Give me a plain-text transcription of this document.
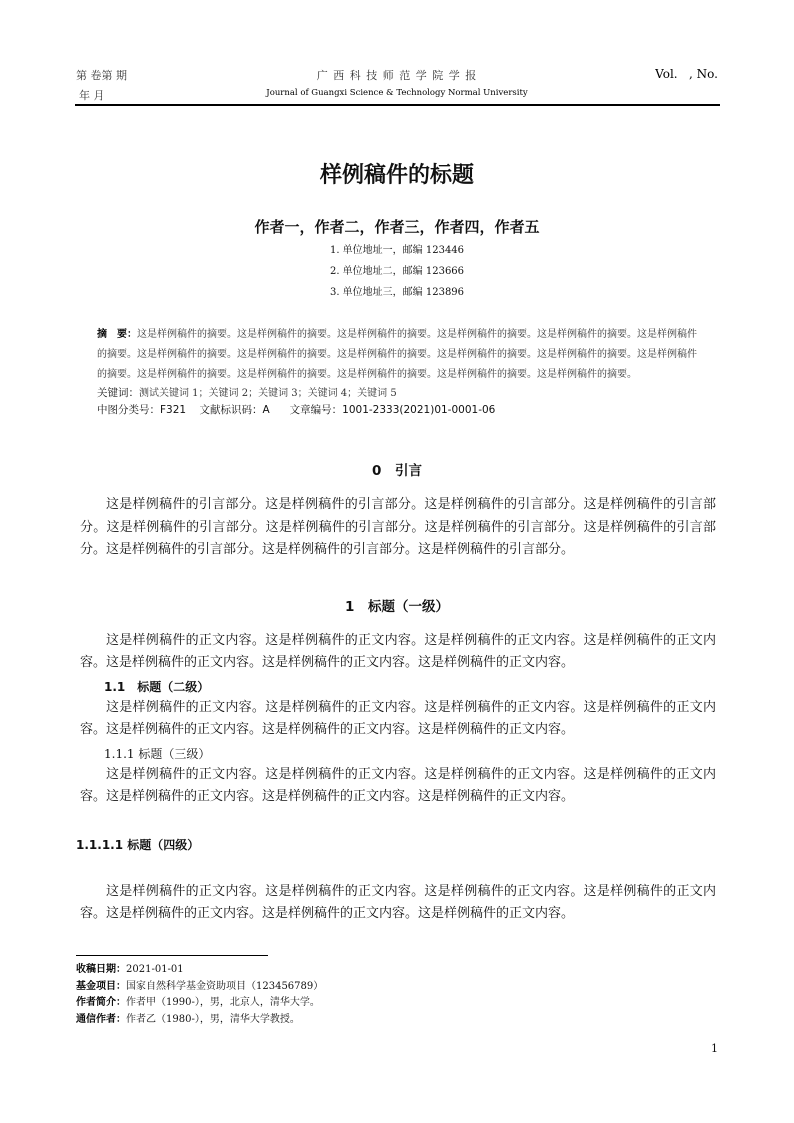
第 卷第 期
年 月
广 西 科 技 师 范 学 院 学 报
Journal of Guangxi Science & Technology Normal University
Vol.   , No.
样例稿件的标题
作者一，作者二，作者三，作者四，作者五
1. 单位地址一，邮编 123446
2. 单位地址二，邮编 123666
3. 单位地址三，邮编 123896
摘　要：这是样例稿件的摘要。这是样例稿件的摘要。这是样例稿件的摘要。这是样例稿件的摘要。这是样例稿件的摘要。这是样例稿件的摘要。这是样例稿件的摘要。这是样例稿件的摘要。这是样例稿件的摘要。这是样例稿件的摘要。这是样例稿件的摘要。这是样例稿件的摘要。这是样例稿件的摘要。这是样例稿件的摘要。这是样例稿件的摘要。这是样例稿件的摘要。这是样例稿件的摘要。
关键词：测试关键词 1；关键词 2；关键词 3；关键词 4；关键词 5
中图分类号：F321 文献标识码：A 文章编号：1001-2333(2021)01-0001-06
0　引言
这是样例稿件的引言部分。这是样例稿件的引言部分。这是样例稿件的引言部分。这是样例稿件的引言部分。这是样例稿件的引言部分。这是样例稿件的引言部分。这是样例稿件的引言部分。这是样例稿件的引言部分。这是样例稿件的引言部分。这是样例稿件的引言部分。这是样例稿件的引言部分。
1　标题（一级）
这是样例稿件的正文内容。这是样例稿件的正文内容。这是样例稿件的正文内容。这是样例稿件的正文内容。这是样例稿件的正文内容。这是样例稿件的正文内容。这是样例稿件的正文内容。
1.1　标题（二级）
这是样例稿件的正文内容。这是样例稿件的正文内容。这是样例稿件的正文内容。这是样例稿件的正文内容。这是样例稿件的正文内容。这是样例稿件的正文内容。这是样例稿件的正文内容。
1.1.1 标题（三级）
这是样例稿件的正文内容。这是样例稿件的正文内容。这是样例稿件的正文内容。这是样例稿件的正文内容。这是样例稿件的正文内容。这是样例稿件的正文内容。这是样例稿件的正文内容。
1.1.1.1 标题（四级）
这是样例稿件的正文内容。这是样例稿件的正文内容。这是样例稿件的正文内容。这是样例稿件的正文内容。这是样例稿件的正文内容。这是样例稿件的正文内容。这是样例稿件的正文内容。
收稿日期：2021-01-01
基金项目：国家自然科学基金资助项目（123456789）
作者简介：作者甲（1990-），男，北京人，清华大学。
通信作者：作者乙（1980-），男，清华大学教授。
1
